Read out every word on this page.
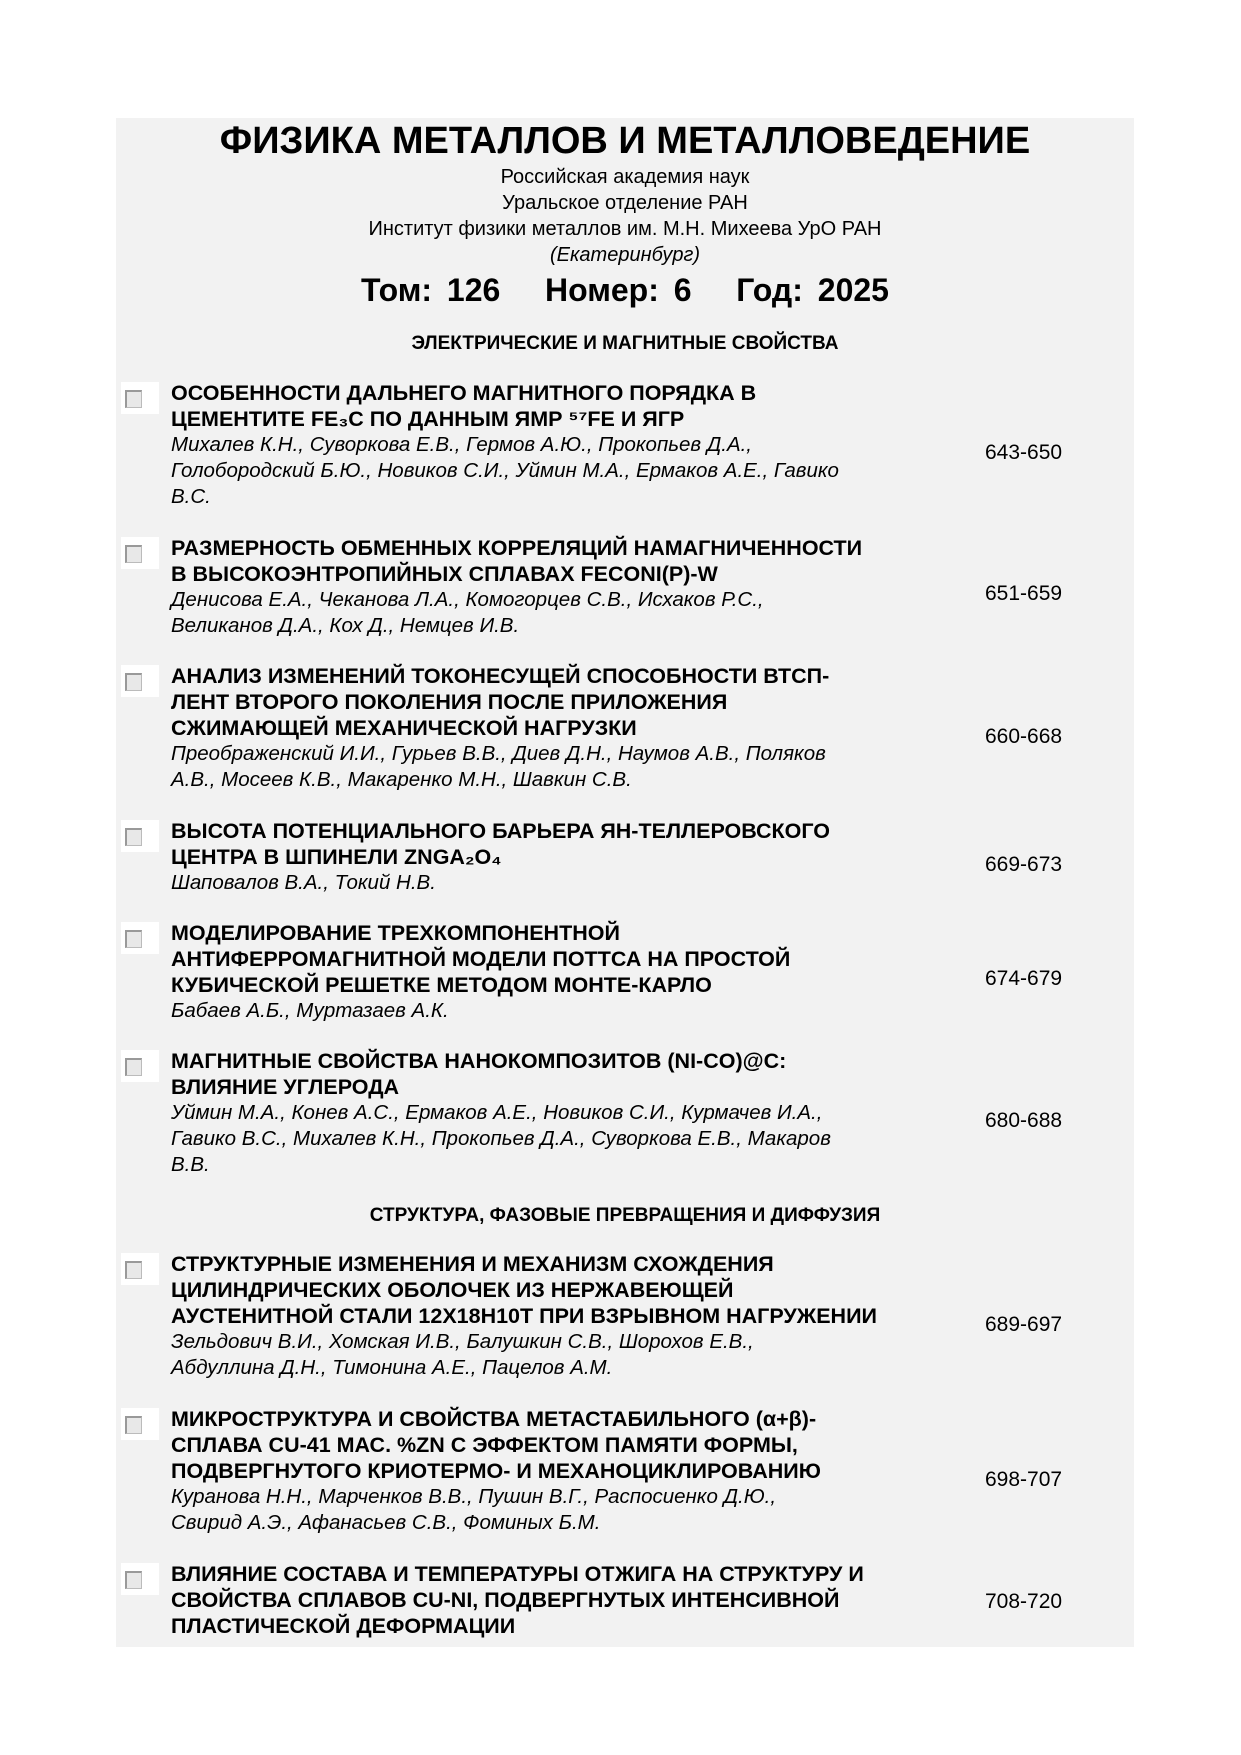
ФИЗИКА МЕТАЛЛОВ И МЕТАЛЛОВЕДЕНИЕ
Российская академия наук
Уральское отделение РАН
Институт физики металлов им. М.Н. Михеева УрО РАН
(Екатеринбург)
Том: 126   Номер: 6   Год: 2025
ЭЛЕКТРИЧЕСКИЕ И МАГНИТНЫЕ СВОЙСТВА
СТРУКТУРА, ФАЗОВЫЕ ПРЕВРАЩЕНИЯ И ДИФФУЗИЯ
ОСОБЕННОСТИ ДАЛЬНЕГО МАГНИТНОГО ПОРЯДКА В
ЦЕМЕНТИТЕ FE₃C ПО ДАННЫМ ЯМР ⁵⁷FE И ЯГР
Михалев К.Н., Суворкова Е.В., Гермов А.Ю., Прокопьев Д.А.,
Голобородский Б.Ю., Новиков С.И., Уймин М.А., Ермаков А.Е., Гавико
В.С.
643-650
РАЗМЕРНОСТЬ ОБМЕННЫХ КОРРЕЛЯЦИЙ НАМАГНИЧЕННОСТИ
В ВЫСОКОЭНТРОПИЙНЫХ СПЛАВАХ FECONI(P)-W
Денисова Е.А., Чеканова Л.А., Комогорцев С.В., Исхаков Р.С.,
Великанов Д.А., Кох Д., Немцев И.В.
651-659
АНАЛИЗ ИЗМЕНЕНИЙ ТОКОНЕСУЩЕЙ СПОСОБНОСТИ ВТСП-
ЛЕНТ ВТОРОГО ПОКОЛЕНИЯ ПОСЛЕ ПРИЛОЖЕНИЯ
СЖИМАЮЩЕЙ МЕХАНИЧЕСКОЙ НАГРУЗКИ
Преображенский И.И., Гурьев В.В., Диев Д.Н., Наумов А.В., Поляков
А.В., Мосеев К.В., Макаренко М.Н., Шавкин С.В.
660-668
ВЫСОТА ПОТЕНЦИАЛЬНОГО БАРЬЕРА ЯН-ТЕЛЛЕРОВСКОГО
ЦЕНТРА В ШПИНЕЛИ ZNGA₂O₄
Шаповалов В.А., Токий Н.В.
669-673
МОДЕЛИРОВАНИЕ ТРЕХКОМПОНЕНТНОЙ
АНТИФЕРРОМАГНИТНОЙ МОДЕЛИ ПОТТСА НА ПРОСТОЙ
КУБИЧЕСКОЙ РЕШЕТКЕ МЕТОДОМ МОНТЕ-КАРЛО
Бабаев А.Б., Муртазаев А.К.
674-679
МАГНИТНЫЕ СВОЙСТВА НАНОКОМПОЗИТОВ (NI-CO)@C:
ВЛИЯНИЕ УГЛЕРОДА
Уймин М.А., Конев А.С., Ермаков А.Е., Новиков С.И., Курмачев И.А.,
Гавико В.С., Михалев К.Н., Прокопьев Д.А., Суворкова Е.В., Макаров
В.В.
680-688
СТРУКТУРНЫЕ ИЗМЕНЕНИЯ И МЕХАНИЗМ СХОЖДЕНИЯ
ЦИЛИНДРИЧЕСКИХ ОБОЛОЧЕК ИЗ НЕРЖАВЕЮЩЕЙ
АУСТЕНИТНОЙ СТАЛИ 12Х18Н10Т ПРИ ВЗРЫВНОМ НАГРУЖЕНИИ
Зельдович В.И., Хомская И.В., Балушкин С.В., Шорохов Е.В.,
Абдуллина Д.Н., Тимонина А.Е., Пацелов А.М.
689-697
МИКРОСТРУКТУРА И СВОЙСТВА МЕТАСТАБИЛЬНОГО (α+β)-
СПЛАВА CU-41 МАС. %ZN С ЭФФЕКТОМ ПАМЯТИ ФОРМЫ,
ПОДВЕРГНУТОГО КРИОТЕРМО- И МЕХАНОЦИКЛИРОВАНИЮ
Куранова Н.Н., Марченков В.В., Пушин В.Г., Распосиенко Д.Ю.,
Свирид А.Э., Афанасьев С.В., Фоминых Б.М.
698-707
ВЛИЯНИЕ СОСТАВА И ТЕМПЕРАТУРЫ ОТЖИГА НА СТРУКТУРУ И
СВОЙСТВА СПЛАВОВ CU-NI, ПОДВЕРГНУТЫХ ИНТЕНСИВНОЙ
ПЛАСТИЧЕСКОЙ ДЕФОРМАЦИИ
708-720
